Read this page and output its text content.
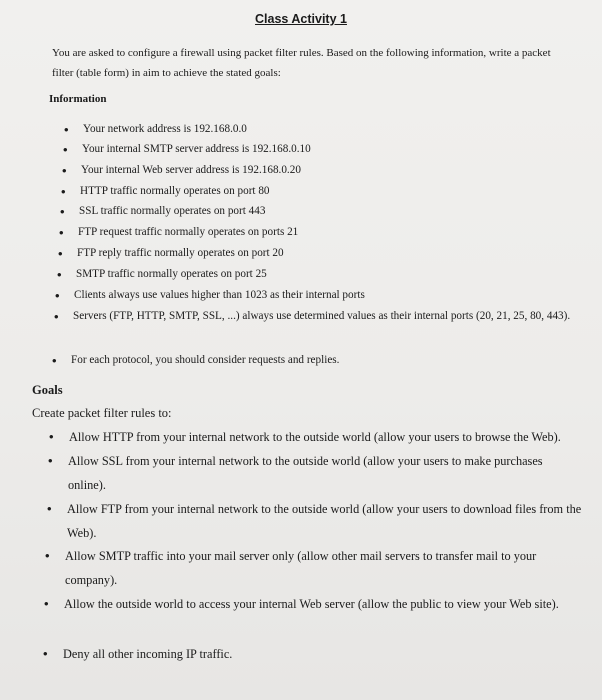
Class Activity 1
You are asked to configure a firewall using packet filter rules. Based on the following information, write a packet filter (table form) in aim to achieve the stated goals:
Information
• Your network address is 192.168.0.0
• Your internal SMTP server address is 192.168.0.10
• Your internal Web server address is 192.168.0.20
• HTTP traffic normally operates on port 80
• SSL traffic normally operates on port 443
• FTP request traffic normally operates on ports 21
• FTP reply traffic normally operates on port 20
• SMTP traffic normally operates on port 25
• Clients always use values higher than 1023 as their internal ports
• Servers (FTP, HTTP, SMTP, SSL, ...) always use determined values as their internal ports (20, 21, 25, 80, 443).
• For each protocol, you should consider requests and replies.
Goals
Create packet filter rules to:
• Allow HTTP from your internal network to the outside world (allow your users to browse the Web).
• Allow SSL from your internal network to the outside world (allow your users to make purchases online).
• Allow FTP from your internal network to the outside world (allow your users to download files from the Web).
• Allow SMTP traffic into your mail server only (allow other mail servers to transfer mail to your company).
• Allow the outside world to access your internal Web server (allow the public to view your Web site).
• Deny all other incoming IP traffic.
